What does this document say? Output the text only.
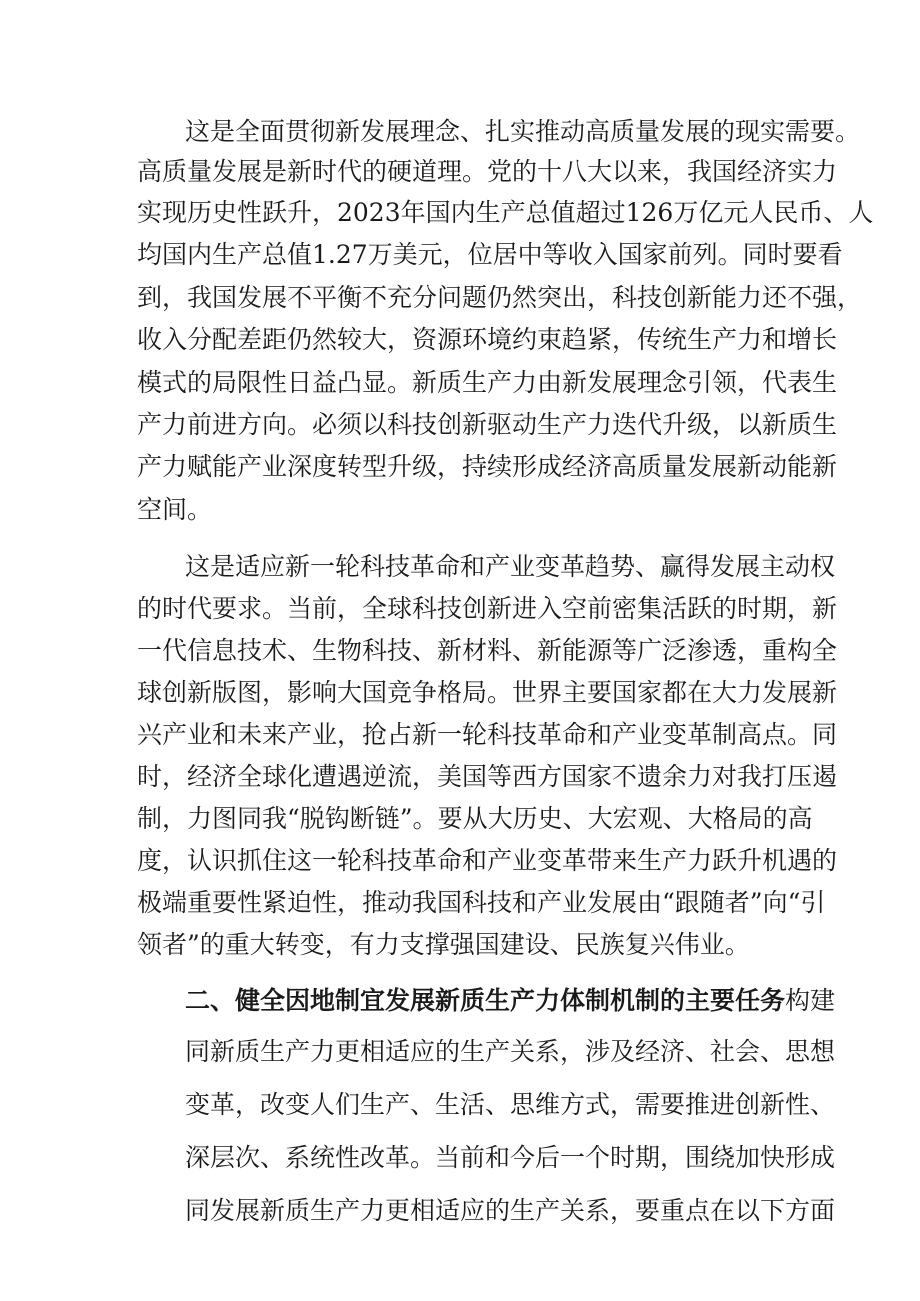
这是全面贯彻新发展理念、扎实推动高质量发展的现实需要。
高质量发展是新时代的硬道理。党的十八大以来，我国经济实力
实现历史性跃升，2023年国内生产总值超过126万亿元人民币、人
均国内生产总值1.27万美元，位居中等收入国家前列。同时要看
到，我国发展不平衡不充分问题仍然突出，科技创新能力还不强，
收入分配差距仍然较大，资源环境约束趋紧，传统生产力和增长
模式的局限性日益凸显。新质生产力由新发展理念引领，代表生
产力前进方向。必须以科技创新驱动生产力迭代升级，以新质生
产力赋能产业深度转型升级，持续形成经济高质量发展新动能新
空间。
这是适应新一轮科技革命和产业变革趋势、赢得发展主动权
的时代要求。当前，全球科技创新进入空前密集活跃的时期，新
一代信息技术、生物科技、新材料、新能源等广泛渗透，重构全
球创新版图，影响大国竞争格局。世界主要国家都在大力发展新
兴产业和未来产业，抢占新一轮科技革命和产业变革制高点。同
时，经济全球化遭遇逆流，美国等西方国家不遗余力对我打压遏
制，力图同我“脱钩断链”。要从大历史、大宏观、大格局的高
度，认识抓住这一轮科技革命和产业变革带来生产力跃升机遇的
极端重要性紧迫性，推动我国科技和产业发展由“跟随者”向“引
领者”的重大转变，有力支撑强国建设、民族复兴伟业。
二、健全因地制宜发展新质生产力体制机制的主要任务构建
同新质生产力更相适应的生产关系，涉及经济、社会、思想
变革，改变人们生产、生活、思维方式，需要推进创新性、
深层次、系统性改革。当前和今后一个时期，围绕加快形成
同发展新质生产力更相适应的生产关系，要重点在以下方面
